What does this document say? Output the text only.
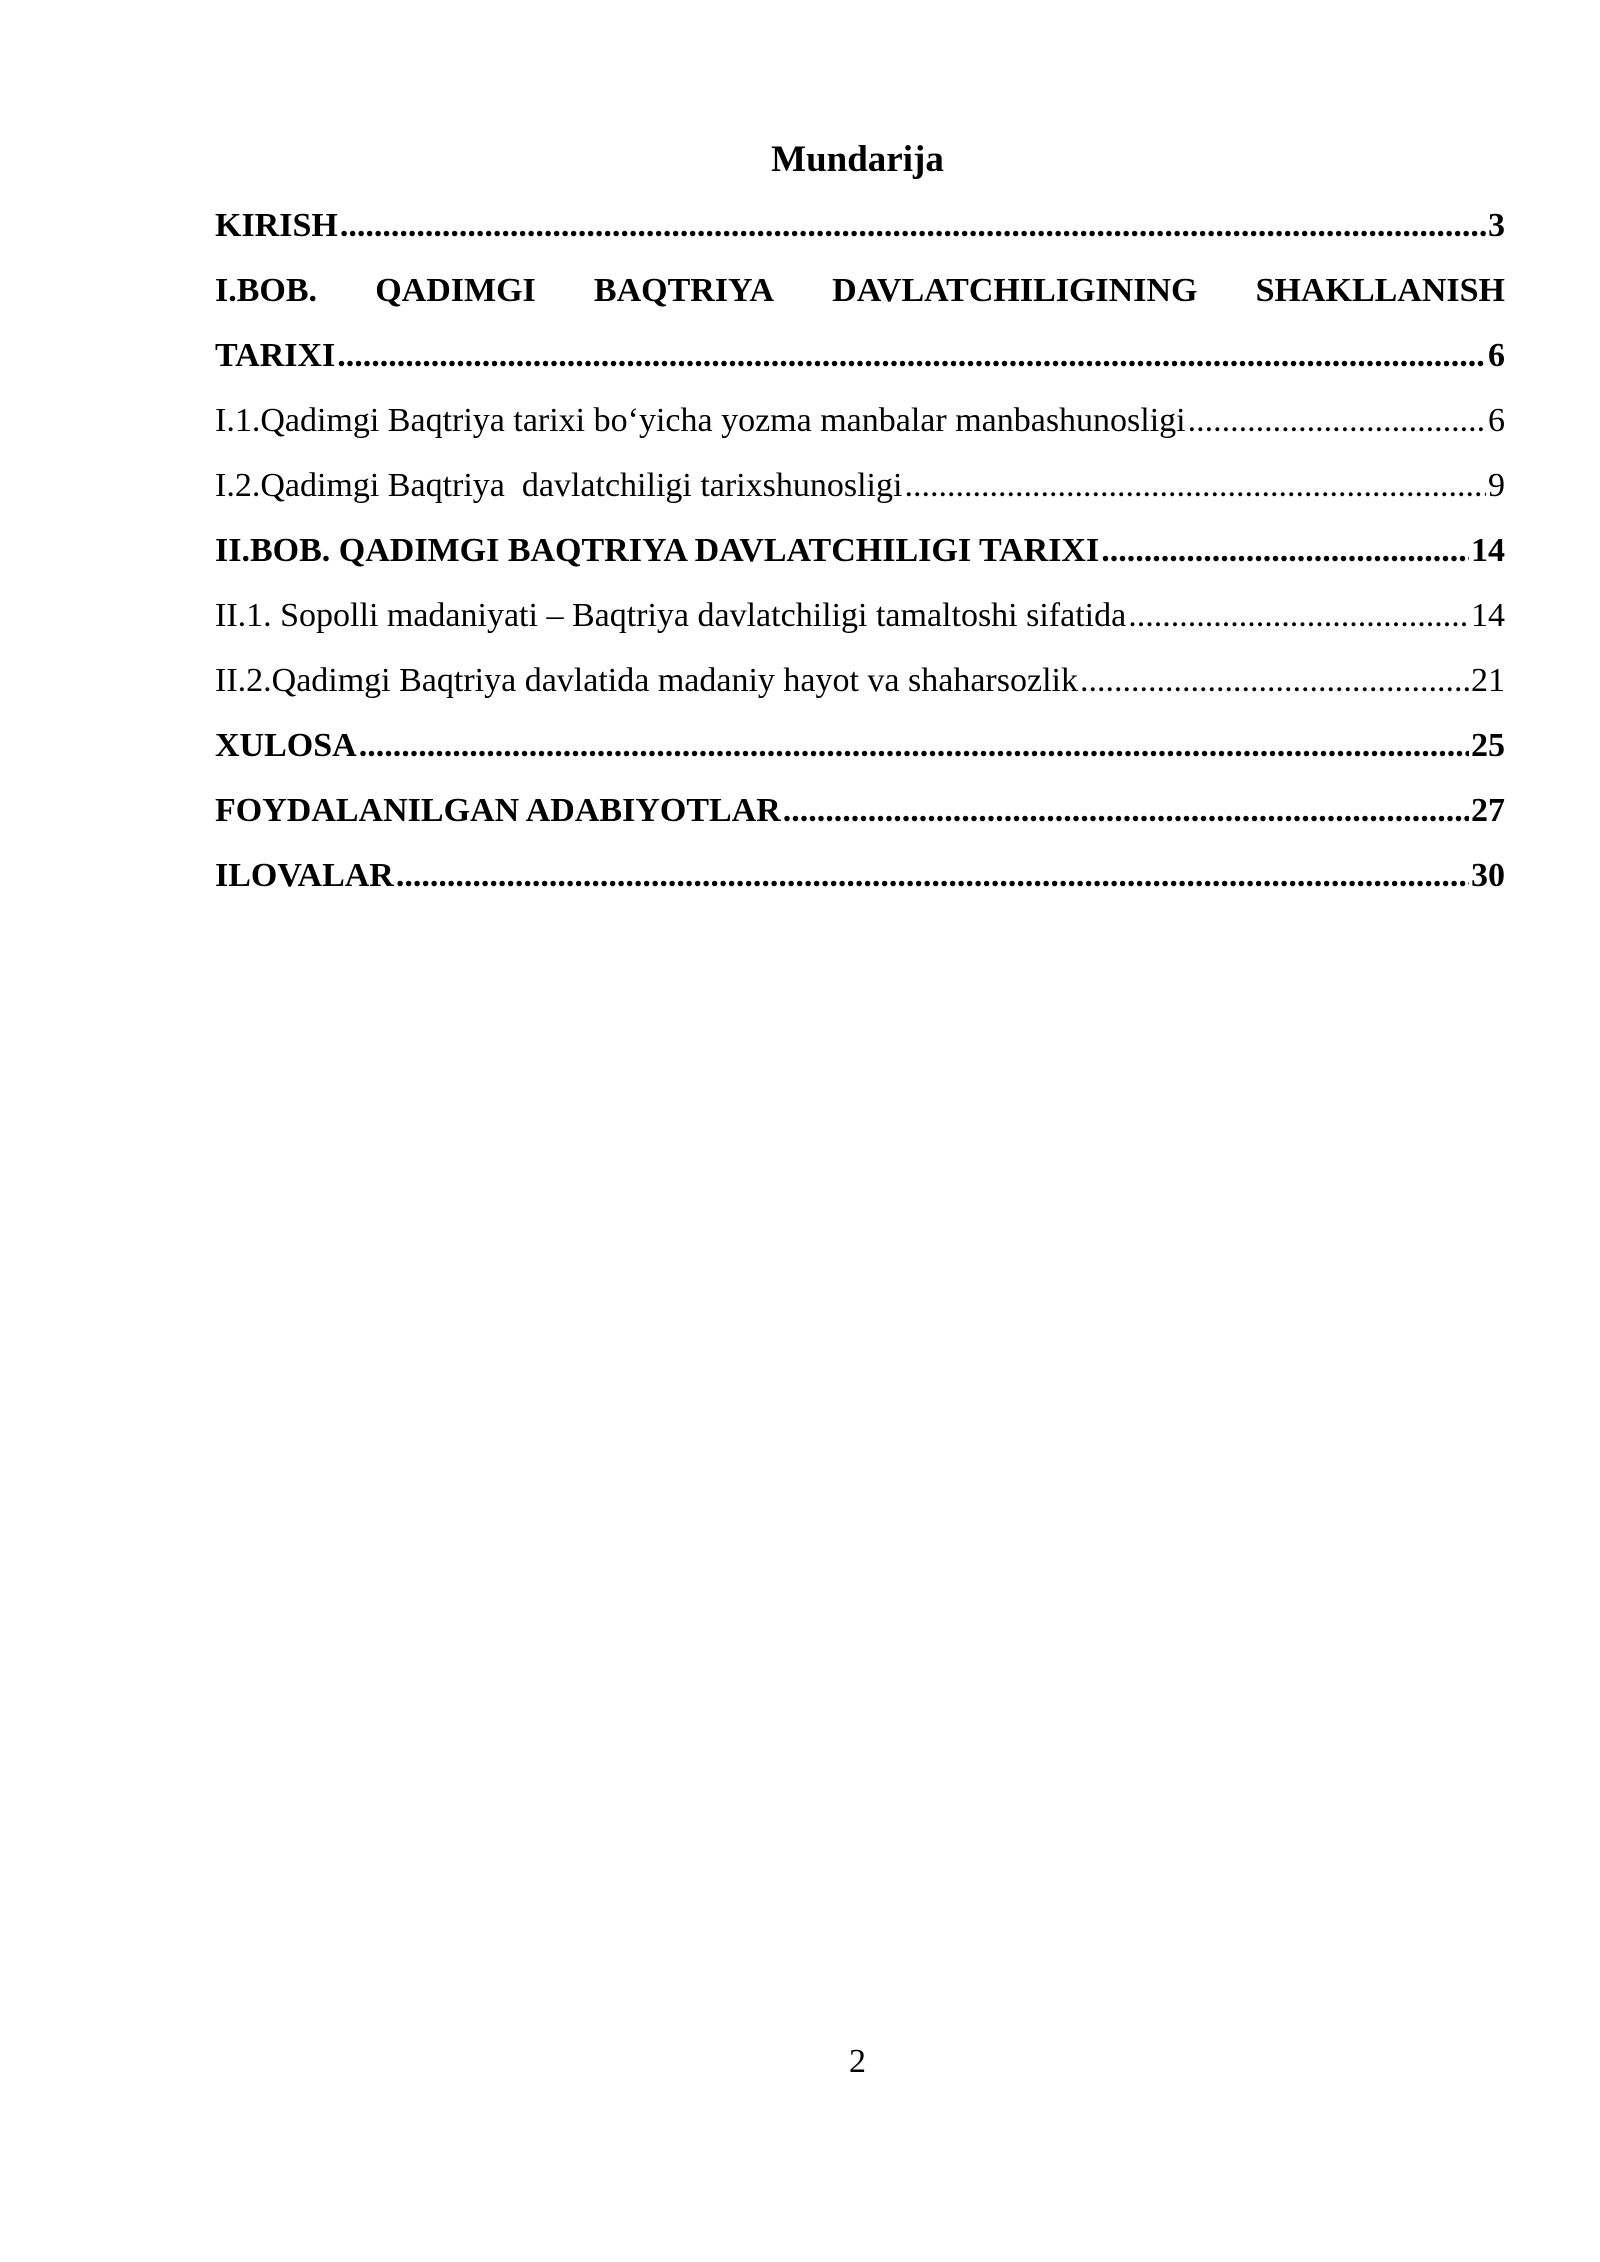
Mundarija
KIRISH .....	3
I.BOB. QADIMGI BAQTRIYA DAVLATCHILIGINING SHAKLLANISH
TARIXI .....	6
I.1.Qadimgi Baqtriya tarixi bo‘yicha yozma manbalar manbashunosligi .....	6
I.2.Qadimgi Baqtriya  davlatchiligi tarixshunosligi .....	9
II.BOB. QADIMGI BAQTRIYA DAVLATCHILIGI TARIXI .....	14
II.1. Sopolli madaniyati – Baqtriya davlatchiligi tamaltoshi sifatida .....	14
II.2.Qadimgi Baqtriya davlatida madaniy hayot va shaharsozlik .....	21
XULOSA .....	25
FOYDALANILGAN ADABIYOTLAR .....	27
ILOVALAR .....	30
2
